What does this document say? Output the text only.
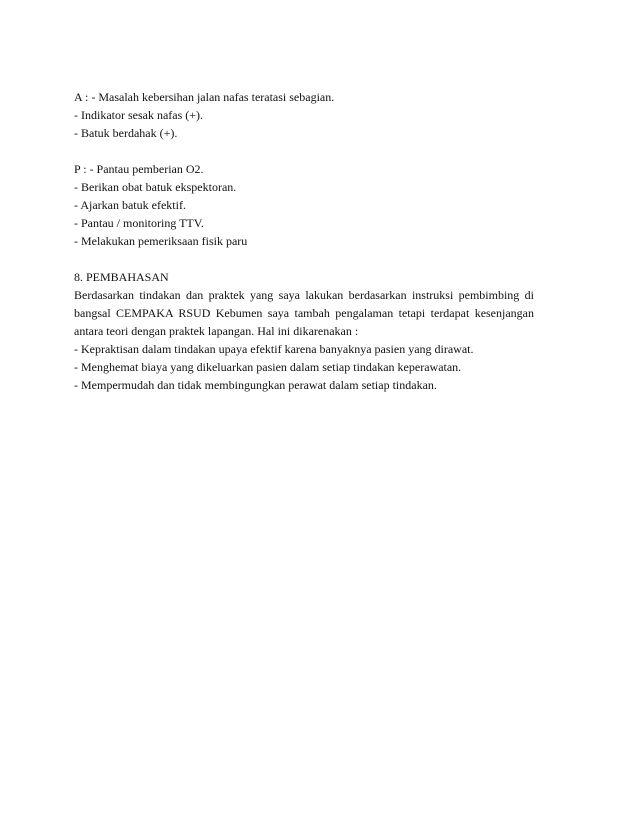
A : - Masalah kebersihan jalan nafas teratasi sebagian.
- Indikator sesak nafas (+).
- Batuk berdahak (+).
P : - Pantau pemberian O2.
- Berikan obat batuk ekspektoran.
- Ajarkan batuk efektif.
- Pantau / monitoring TTV.
- Melakukan pemeriksaan fisik paru
8. PEMBAHASAN
Berdasarkan tindakan dan praktek yang saya lakukan berdasarkan instruksi pembimbing di bangsal CEMPAKA RSUD Kebumen saya tambah pengalaman tetapi terdapat kesenjangan antara teori dengan praktek lapangan. Hal ini dikarenakan :
- Kepraktisan dalam tindakan upaya efektif karena banyaknya pasien yang dirawat.
- Menghemat biaya yang dikeluarkan pasien dalam setiap tindakan keperawatan.
- Mempermudah dan tidak membingungkan perawat dalam setiap tindakan.
